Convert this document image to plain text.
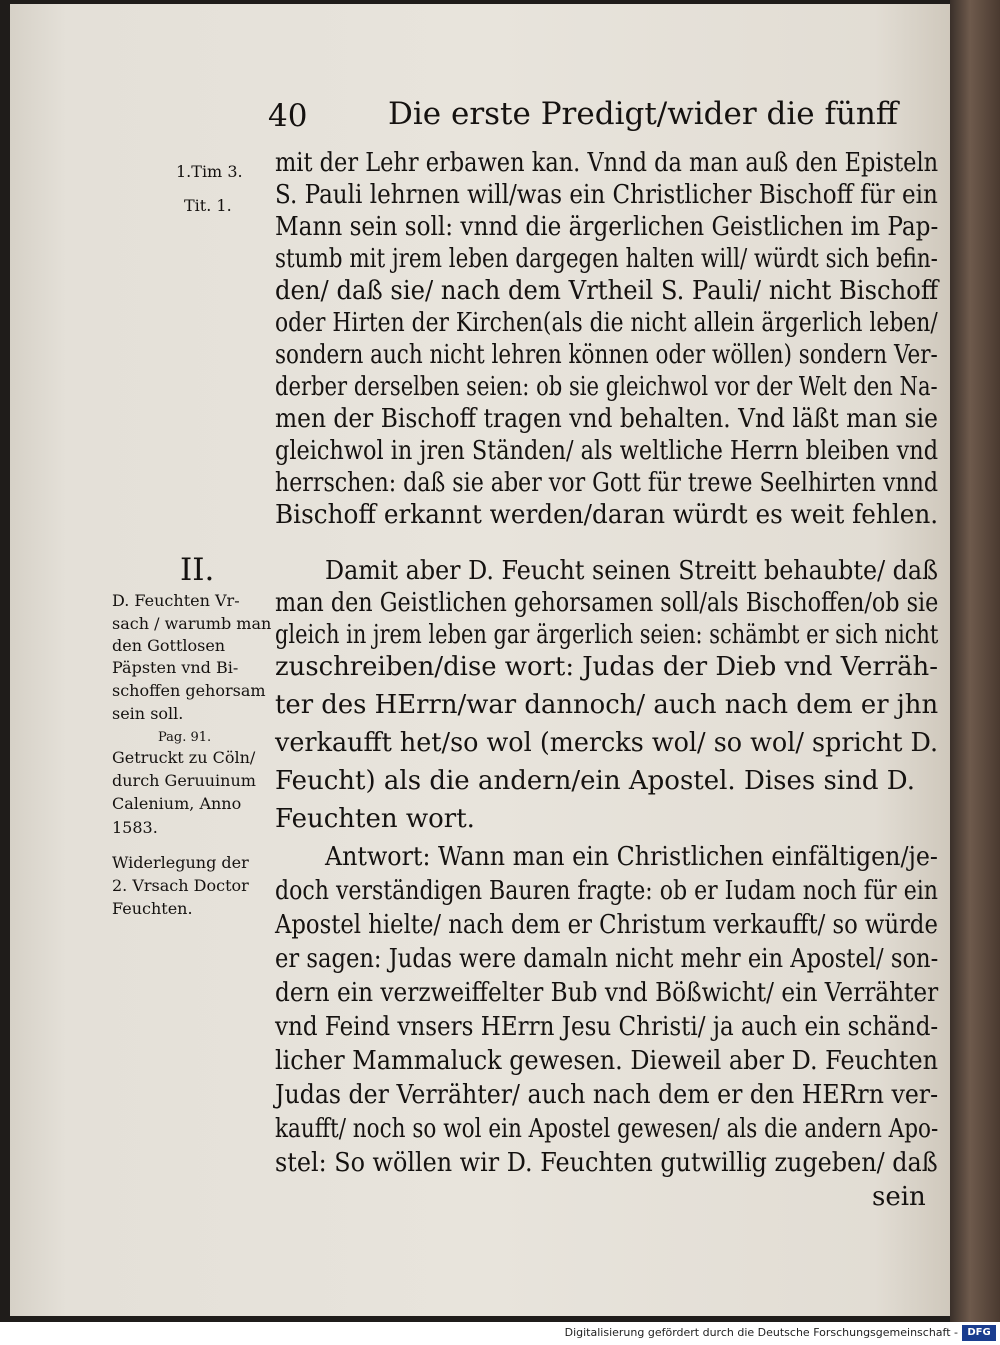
40	Die erste Predigt/wider die fünff
1.Tim 3.
Tit. 1.
II.
D. Feuchten Vr-
sach / warumb man
den Gottlosen
Päpsten vnd Bi-
schoffen gehorsam
sein soll.
Pag. 91.
Getruckt zu Cöln/
durch Geruuinum
Calenium, Anno
1583.
Widerlegung der
2. Vrsach Doctor
Feuchten.
mit der Lehr erbawen kan. Vnnd da man auß den Episteln
S. Pauli lehrnen will/was ein Christlicher Bischoff für ein
Mann sein soll: vnnd die ärgerlichen Geistlichen im Pap-
stumb mit jrem leben dargegen halten will/ würdt sich befin-
den/ daß sie/ nach dem Vrtheil S. Pauli/ nicht Bischoff
oder Hirten der Kirchen(als die nicht allein ärgerlich leben/
sondern auch nicht lehren können oder wöllen) sondern Ver-
derber derselben seien: ob sie gleichwol vor der Welt den Na-
men der Bischoff tragen vnd behalten. Vnd läßt man sie
gleichwol in jren Ständen/ als weltliche Herrn bleiben vnd
herrschen: daß sie aber vor Gott für trewe Seelhirten vnnd
Bischoff erkannt werden/daran würdt es weit fehlen.
Damit aber D. Feucht seinen Streitt behaubte/ daß
man den Geistlichen gehorsamen soll/als Bischoffen/ob sie
gleich in jrem leben gar ärgerlich seien: schämbt er sich nicht
zuschreiben/dise wort: Judas der Dieb vnd Verräh-
ter des HErrn/war dannoch/ auch nach dem er jhn
verkaufft het/so wol (mercks wol/ so wol/ spricht D.
Feucht) als die andern/ein Apostel. Dises sind D.
Feuchten wort.
Antwort: Wann man ein Christlichen einfältigen/je-
doch verständigen Bauren fragte: ob er Iudam noch für ein
Apostel hielte/ nach dem er Christum verkaufft/ so würde
er sagen: Judas were damaln nicht mehr ein Apostel/ son-
dern ein verzweiffelter Bub vnd Bößwicht/ ein Verrähter
vnd Feind vnsers HErrn Jesu Christi/ ja auch ein schänd-
licher Mammaluck gewesen. Dieweil aber D. Feuchten
Judas der Verrähter/ auch nach dem er den HERrn ver-
kaufft/ noch so wol ein Apostel gewesen/ als die andern Apo-
stel: So wöllen wir D. Feuchten gutwillig zugeben/ daß
sein
Digitalisierung gefördert durch die Deutsche Forschungsgemeinschaft - DFG
